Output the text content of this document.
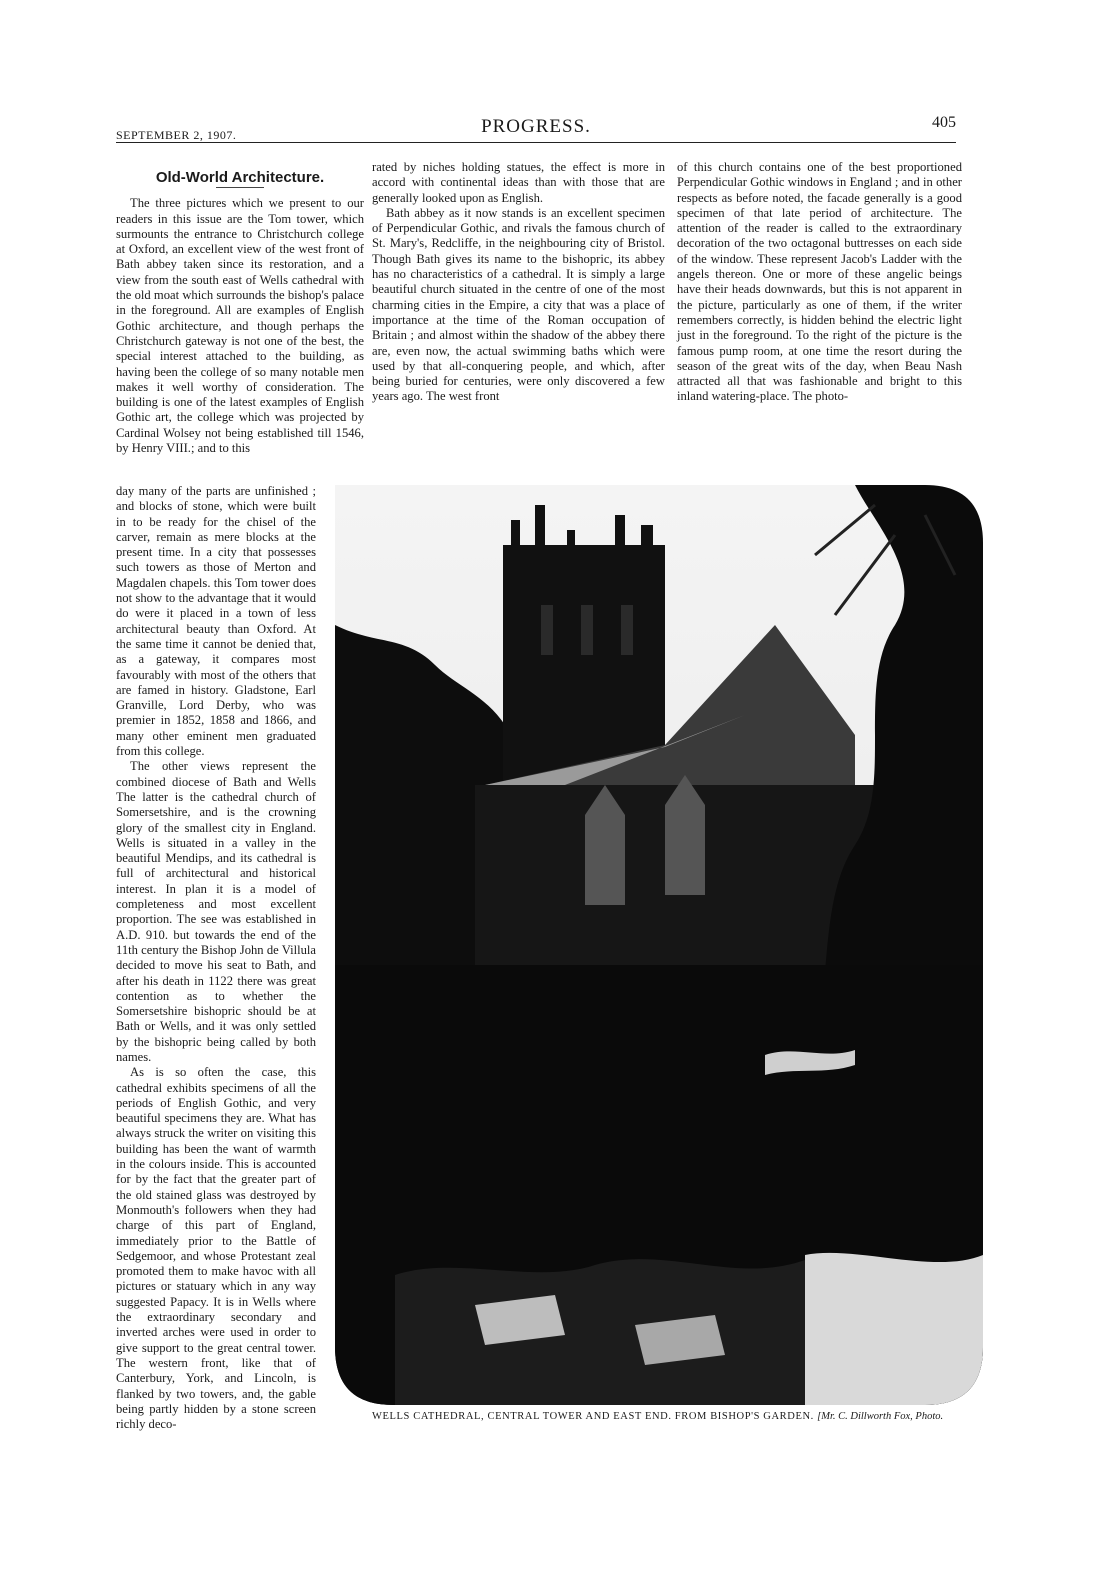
SEPTEMBER 2, 1907.	PROGRESS.	405
Old-World Architecture.

The three pictures which we present to our readers in this issue are the Tom tower, which surmounts the entrance to Christchurch college at Oxford, an excellent view of the west front of Bath abbey taken since its restoration, and a view from the south east of Wells cathedral with the old moat which surrounds the bishop's palace in the foreground. All are examples of English Gothic architecture, and though perhaps the Christchurch gateway is not one of the best, the special interest attached to the building, as having been the college of so many notable men makes it well worthy of consideration. The building is one of the latest examples of English Gothic art, the college which was projected by Cardinal Wolsey not being established till 1546, by Henry VIII.; and to this

day many of the parts are unfinished ; and blocks of stone, which were built in to be ready for the chisel of the carver, remain as mere blocks at the present time. In a city that possesses such towers as those of Merton and Magdalen chapels. this Tom tower does not show to the advantage that it would do were it placed in a town of less architectural beauty than Oxford. At the same time it cannot be denied that, as a gateway, it compares most favourably with most of the others that are famed in history. Gladstone, Earl Granville, Lord Derby, who was premier in 1852, 1858 and 1866, and many other eminent men graduated from this college.

The other views represent the combined diocese of Bath and Wells The latter is the cathedral church of Somersetshire, and is the crowning glory of the smallest city in England. Wells is situated in a valley in the beautiful Mendips, and its cathedral is full of architectural and historical interest. In plan it is a model of completeness and most excellent proportion. The see was established in A.D. 910. but towards the end of the 11th century the Bishop John de Villula decided to move his seat to Bath, and after his death in 1122 there was great contention as to whether the Somersetshire bishopric should be at Bath or Wells, and it was only settled by the bishopric being called by both names.

As is so often the case, this cathedral exhibits specimens of all the periods of English Gothic, and very beautiful specimens they are. What has always struck the writer on visiting this building has been the want of warmth in the colours inside. This is accounted for by the fact that the greater part of the old stained glass was destroyed by Monmouth's followers when they had charge of this part of England, immediately prior to the Battle of Sedgemoor, and whose Protestant zeal promoted them to make havoc with all pictures or statuary which in any way suggested Papacy. It is in Wells where the extraordinary secondary and inverted arches were used in order to give support to the great central tower. The western front, like that of Canterbury, York, and Lincoln, is flanked by two towers, and, the gable being partly hidden by a stone screen richly deco-

rated by niches holding statues, the effect is more in accord with continental ideas than with those that are generally looked upon as English.

Bath abbey as it now stands is an excellent specimen of Perpendicular Gothic, and rivals the famous church of St. Mary's, Redcliffe, in the neighbouring city of Bristol. Though Bath gives its name to the bishopric, its abbey has no characteristics of a cathedral. It is simply a large beautiful church situated in the centre of one of the most charming cities in the Empire, a city that was a place of importance at the time of the Roman occupation of Britain ; and almost within the shadow of the abbey there are, even now, the actual swimming baths which were used by that all-conquering people, and which, after being buried for centuries, were only discovered a few years ago. The west front

of this church contains one of the best proportioned Perpendicular Gothic windows in England ; and in other respects as before noted, the facade generally is a good specimen of that late period of architecture. The attention of the reader is called to the extraordinary decoration of the two octagonal buttresses on each side of the window. These represent Jacob's Ladder with the angels thereon. One or more of these angelic beings have their heads downwards, but this is not apparent in the picture, particularly as one of them, if the writer remembers correctly, is hidden behind the electric light just in the foreground. To the right of the picture is the famous pump room, at one time the resort during the season of the great wits of the day, when Beau Nash attracted all that was fashionable and bright to this inland watering-place. The photo-

WELLS CATHEDRAL, CENTRAL TOWER AND EAST END. FROM BISHOP'S GARDEN. [Mr. C. Dillworth Fox, Photo.
